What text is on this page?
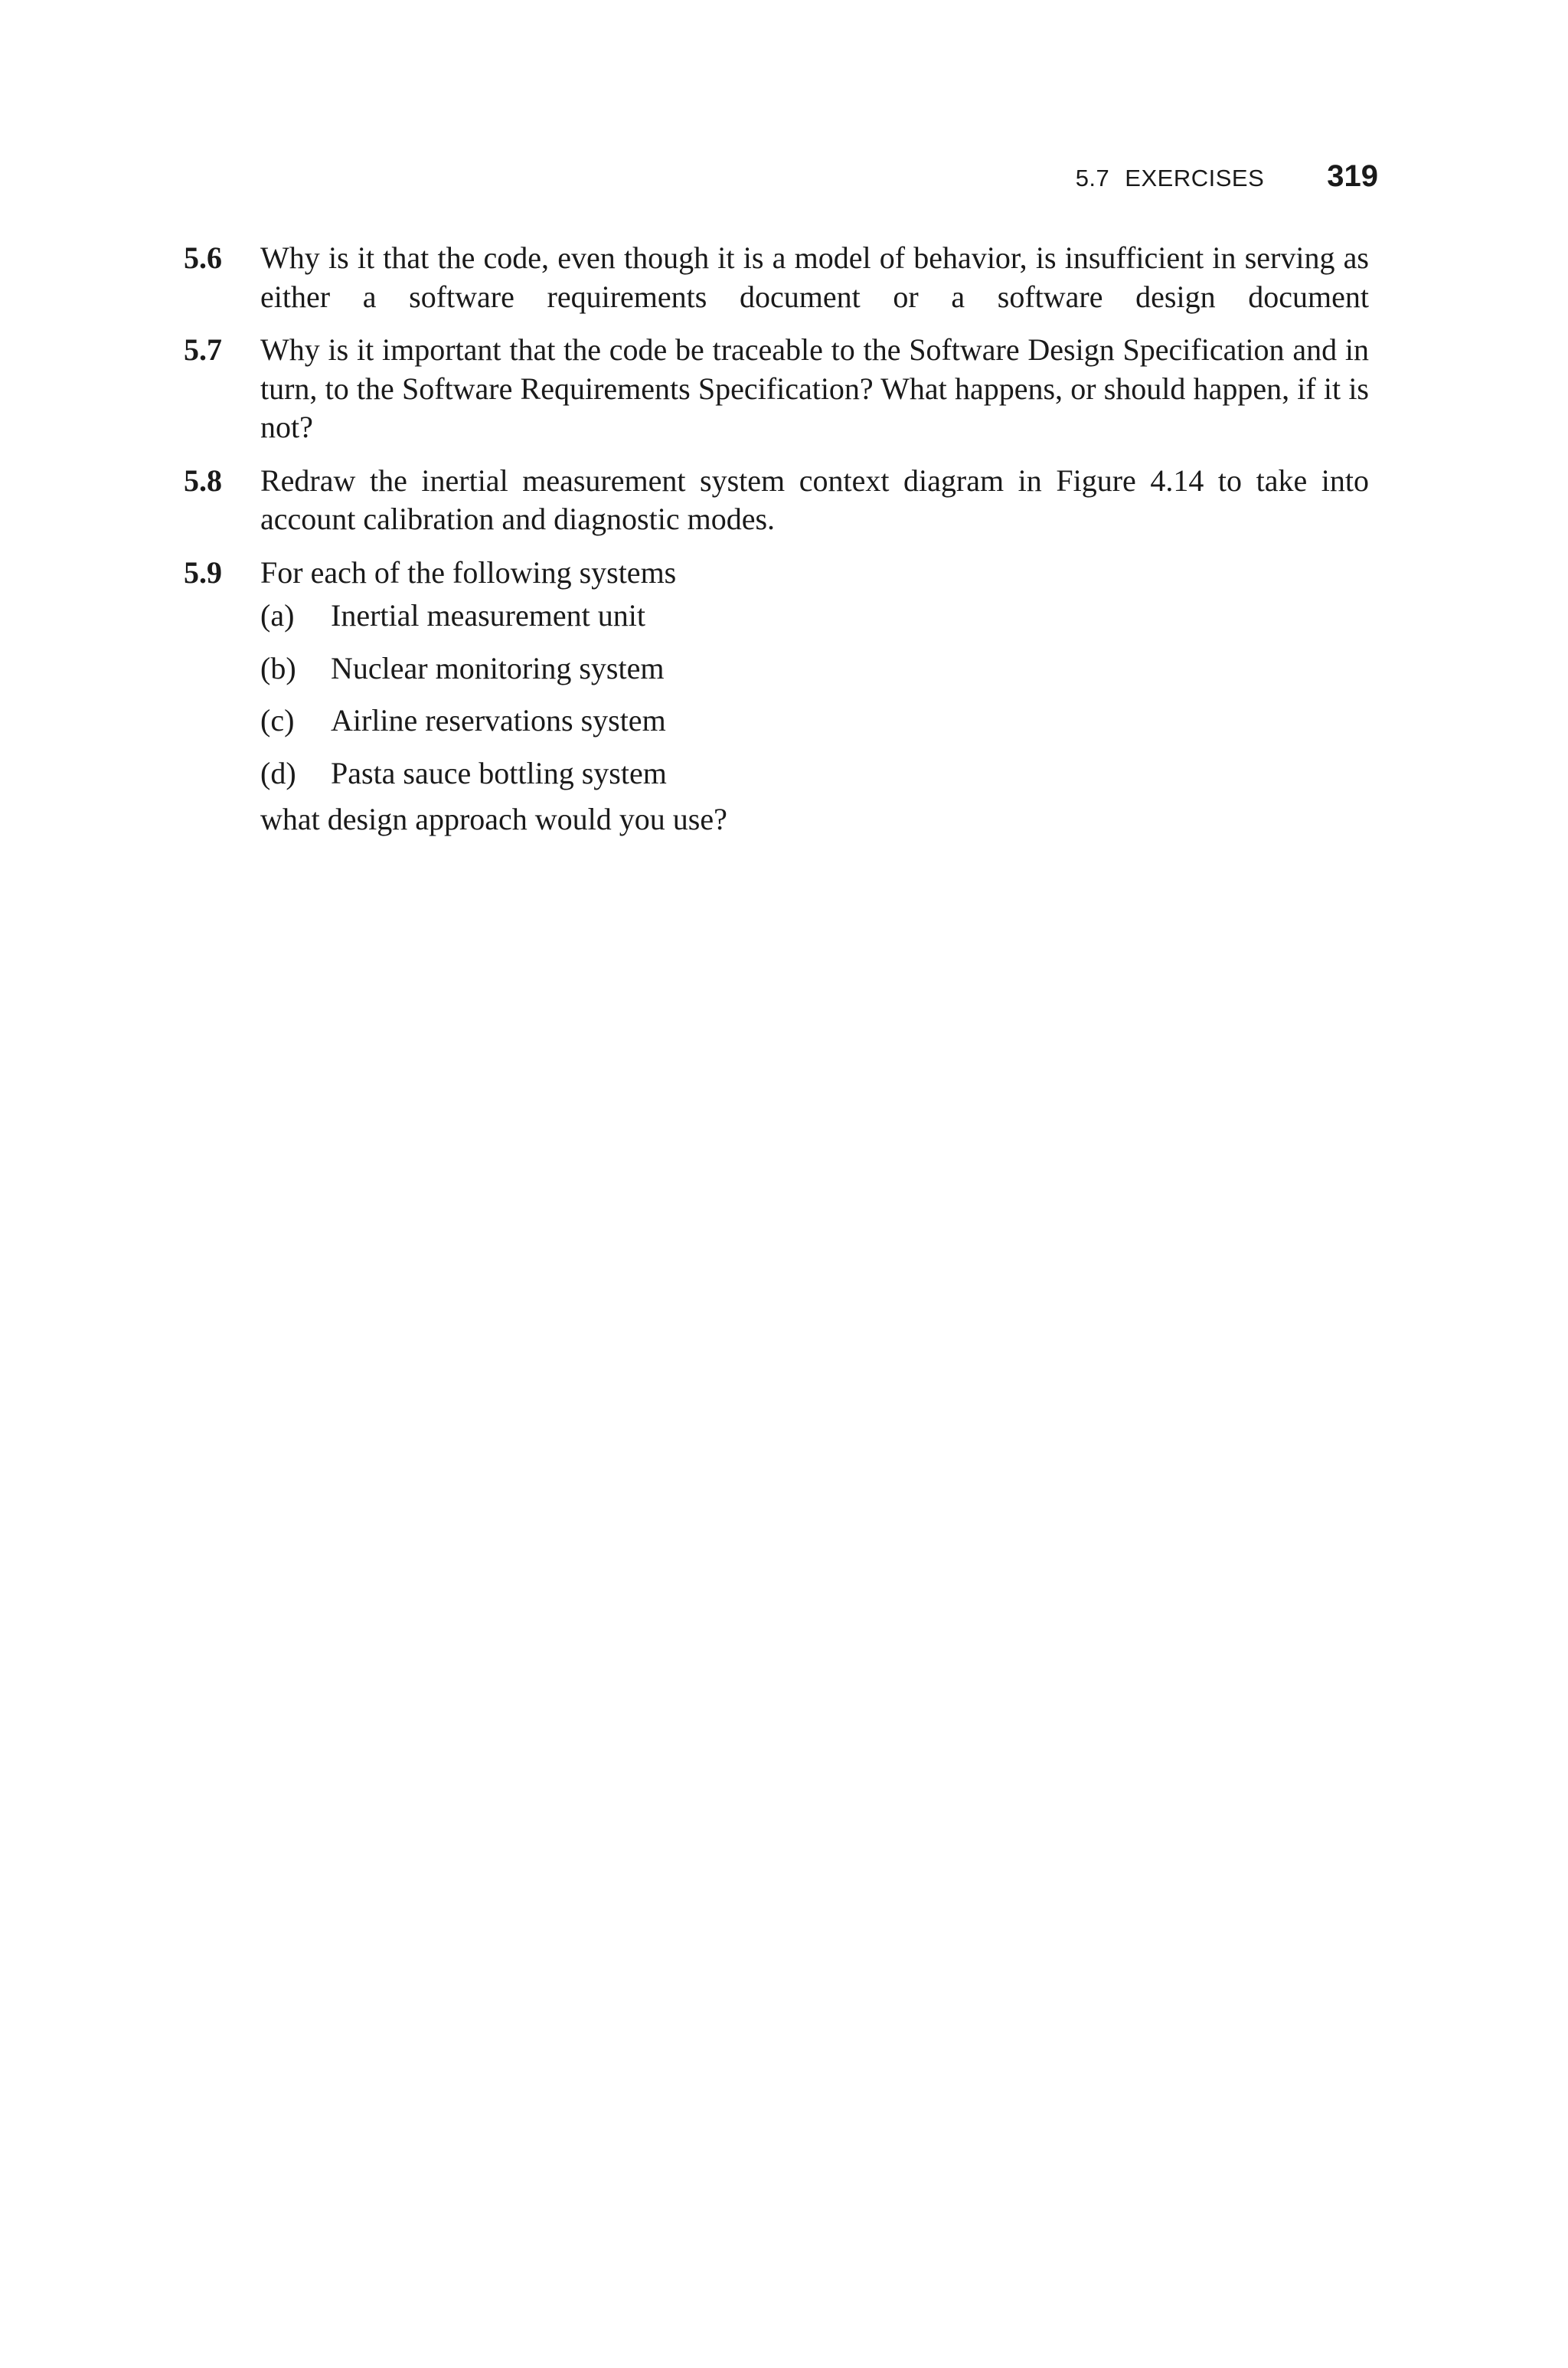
5.7 EXERCISES 319
5.6	Why is it that the code, even though it is a model of behavior, is insufficient in serving as either a software requirements document or a software design document
5.7	Why is it important that the code be traceable to the Software Design Specification and in turn, to the Software Requirements Specification? What happens, or should happen, if it is not?
5.8	Redraw the inertial measurement system context diagram in Figure 4.14 to take into account calibration and diagnostic modes.
5.9	For each of the following systems
(a)	Inertial measurement unit
(b)	Nuclear monitoring system
(c)	Airline reservations system
(d)	Pasta sauce bottling system
what design approach would you use?
